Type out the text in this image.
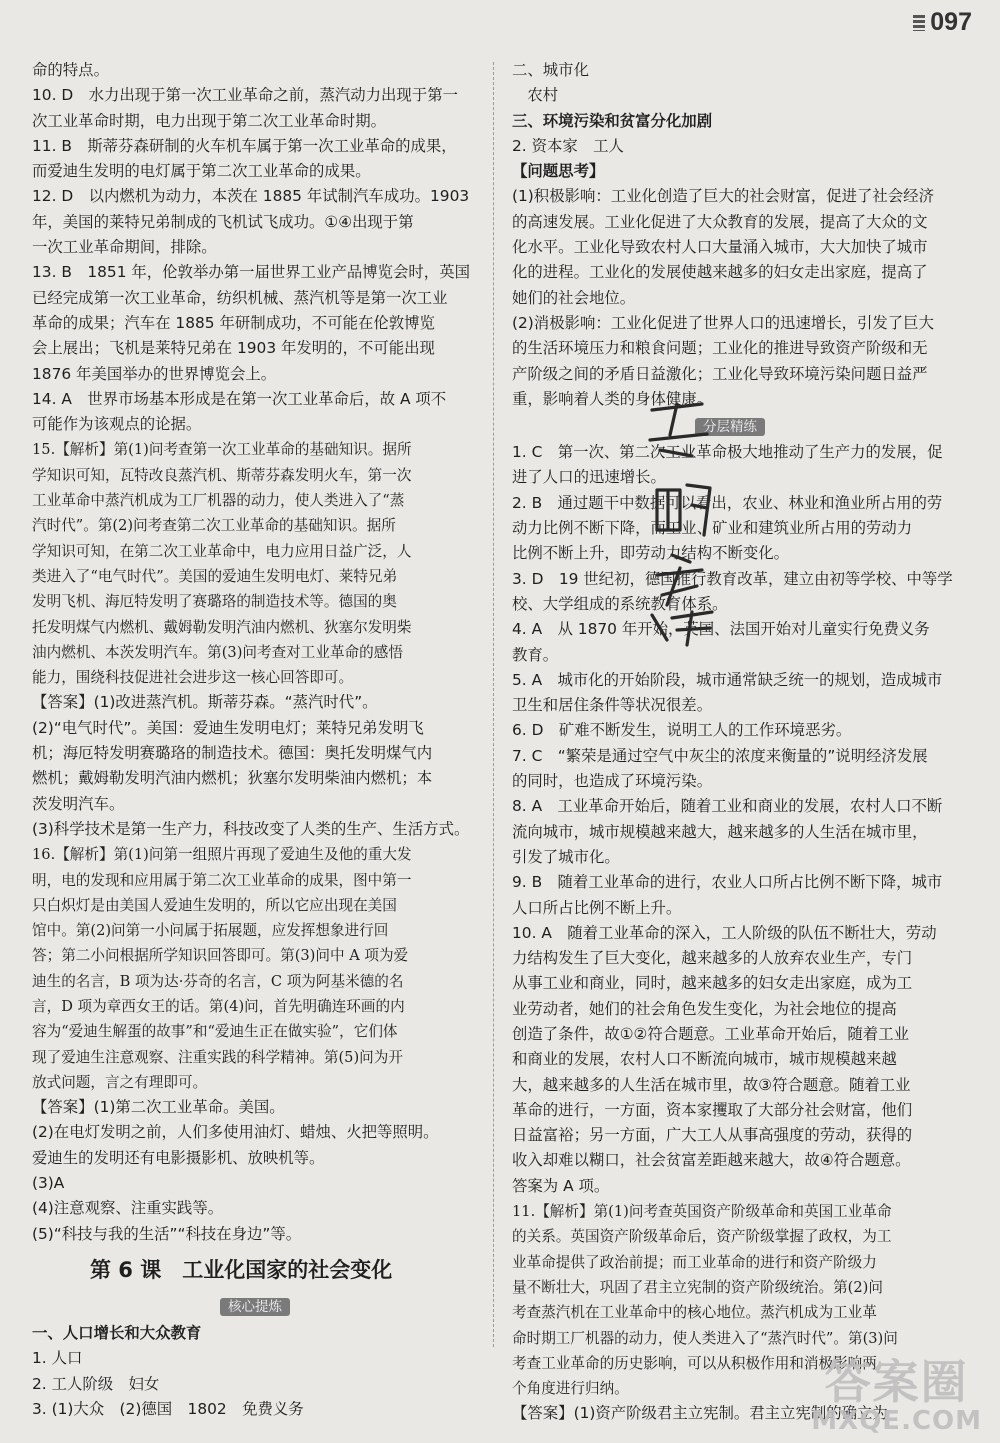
097
命的特点。
10. D　水力出现于第一次工业革命之前，蒸汽动力出现于第一
次工业革命时期，电力出现于第二次工业革命时期。
11. B　斯蒂芬森研制的火车机车属于第一次工业革命的成果，
而爱迪生发明的电灯属于第二次工业革命的成果。
12. D　以内燃机为动力，本茨在 1885 年试制汽车成功。1903
年，美国的莱特兄弟制成的飞机试飞成功。①④出现于第
一次工业革命期间，排除。
13. B　1851 年，伦敦举办第一届世界工业产品博览会时，英国
已经完成第一次工业革命，纺织机械、蒸汽机等是第一次工业
革命的成果；汽车在 1885 年研制成功，不可能在伦敦博览
会上展出；飞机是莱特兄弟在 1903 年发明的，不可能出现
1876 年美国举办的世界博览会上。
14. A　世界市场基本形成是在第一次工业革命后，故 A 项不
可能作为该观点的论据。
15.【解析】第(1)问考查第一次工业革命的基础知识。据所
学知识可知，瓦特改良蒸汽机、斯蒂芬森发明火车，第一次
工业革命中蒸汽机成为工厂机器的动力，使人类进入了“蒸
汽时代”。第(2)问考查第二次工业革命的基础知识。据所
学知识可知，在第二次工业革命中，电力应用日益广泛，人
类进入了“电气时代”。美国的爱迪生发明电灯、莱特兄弟
发明飞机、海厄特发明了赛璐珞的制造技术等。德国的奥
托发明煤气内燃机、戴姆勒发明汽油内燃机、狄塞尔发明柴
油内燃机、本茨发明汽车。第(3)问考查对工业革命的感悟
能力，围绕科技促进社会进步这一核心回答即可。
【答案】(1)改进蒸汽机。斯蒂芬森。“蒸汽时代”。
(2)“电气时代”。美国：爱迪生发明电灯；莱特兄弟发明飞
机；海厄特发明赛璐珞的制造技术。德国：奥托发明煤气内
燃机；戴姆勒发明汽油内燃机；狄塞尔发明柴油内燃机；本
茨发明汽车。
(3)科学技术是第一生产力，科技改变了人类的生产、生活方式。
16.【解析】第(1)问第一组照片再现了爱迪生及他的重大发
明，电的发现和应用属于第二次工业革命的成果，图中第一
只白炽灯是由美国人爱迪生发明的，所以它应出现在美国
馆中。第(2)问第一小问属于拓展题，应发挥想象进行回
答；第二小问根据所学知识回答即可。第(3)问中 A 项为爱
迪生的名言，B 项为达·芬奇的名言，C 项为阿基米德的名
言，D 项为章西女王的话。第(4)问，首先明确连环画的内
容为“爱迪生解蛋的故事”和“爱迪生正在做实验”，它们体
现了爱迪生注意观察、注重实践的科学精神。第(5)问为开
放式问题，言之有理即可。
【答案】(1)第二次工业革命。美国。
(2)在电灯发明之前，人们多使用油灯、蜡烛、火把等照明。
爱迪生的发明还有电影摄影机、放映机等。
(3)A
(4)注意观察、注重实践等。
(5)“科技与我的生活”“科技在身边”等。
第 6 课　工业化国家的社会变化
核心提炼
一、人口增长和大众教育
1. 人口
2. 工人阶级　妇女
3. (1)大众　(2)德国　1802　免费义务
二、城市化
　农村
三、环境污染和贫富分化加剧
2. 资本家　工人
【问题思考】
(1)积极影响：工业化创造了巨大的社会财富，促进了社会经济
的高速发展。工业化促进了大众教育的发展，提高了大众的文
化水平。工业化导致农村人口大量涌入城市，大大加快了城市
化的进程。工业化的发展使越来越多的妇女走出家庭，提高了
她们的社会地位。
(2)消极影响：工业化促进了世界人口的迅速增长，引发了巨大
的生活环境压力和粮食问题；工业化的推进导致资产阶级和无
产阶级之间的矛盾日益激化；工业化导致环境污染问题日益严
重，影响着人类的身体健康。
分层精练
1. C　第一次、第二次工业革命极大地推动了生产力的发展，促
进了人口的迅速增长。
2. B　通过题干中数据可以看出，农业、林业和渔业所占用的劳
动力比例不断下降，而工业、矿业和建筑业所占用的劳动力
比例不断上升，即劳动力结构不断变化。
3. D　19 世纪初，德国推行教育改革，建立由初等学校、中等学
校、大学组成的系统教育体系。
4. A　从 1870 年开始，英国、法国开始对儿童实行免费义务
教育。
5. A　城市化的开始阶段，城市通常缺乏统一的规划，造成城市
卫生和居住条件等状况很差。
6. D　矿难不断发生，说明工人的工作环境恶劣。
7. C　“繁荣是通过空气中灰尘的浓度来衡量的”说明经济发展
的同时，也造成了环境污染。
8. A　工业革命开始后，随着工业和商业的发展，农村人口不断
流向城市，城市规模越来越大，越来越多的人生活在城市里，
引发了城市化。
9. B　随着工业革命的进行，农业人口所占比例不断下降，城市
人口所占比例不断上升。
10. A　随着工业革命的深入，工人阶级的队伍不断壮大，劳动
力结构发生了巨大变化，越来越多的人放弃农业生产，专门
从事工业和商业，同时，越来越多的妇女走出家庭，成为工
业劳动者，她们的社会角色发生变化，为社会地位的提高
创造了条件，故①②符合题意。工业革命开始后，随着工业
和商业的发展，农村人口不断流向城市，城市规模越来越
大，越来越多的人生活在城市里，故③符合题意。随着工业
革命的进行，一方面，资本家攫取了大部分社会财富，他们
日益富裕；另一方面，广大工人从事高强度的劳动，获得的
收入却难以糊口，社会贫富差距越来越大，故④符合题意。
答案为 A 项。
11.【解析】第(1)问考查英国资产阶级革命和英国工业革命
的关系。英国资产阶级革命后，资产阶级掌握了政权，为工
业革命提供了政治前提；而工业革命的进行和资产阶级力
量不断壮大，巩固了君主立宪制的资产阶级统治。第(2)问
考查蒸汽机在工业革命中的核心地位。蒸汽机成为工业革
命时期工厂机器的动力，使人类进入了“蒸汽时代”。第(3)问
考查工业革命的历史影响，可以从积极作用和消极影响两
个角度进行归纳。
【答案】(1)资产阶级君主立宪制。君主立宪制的确立为
答案圈
MXQE.COM
